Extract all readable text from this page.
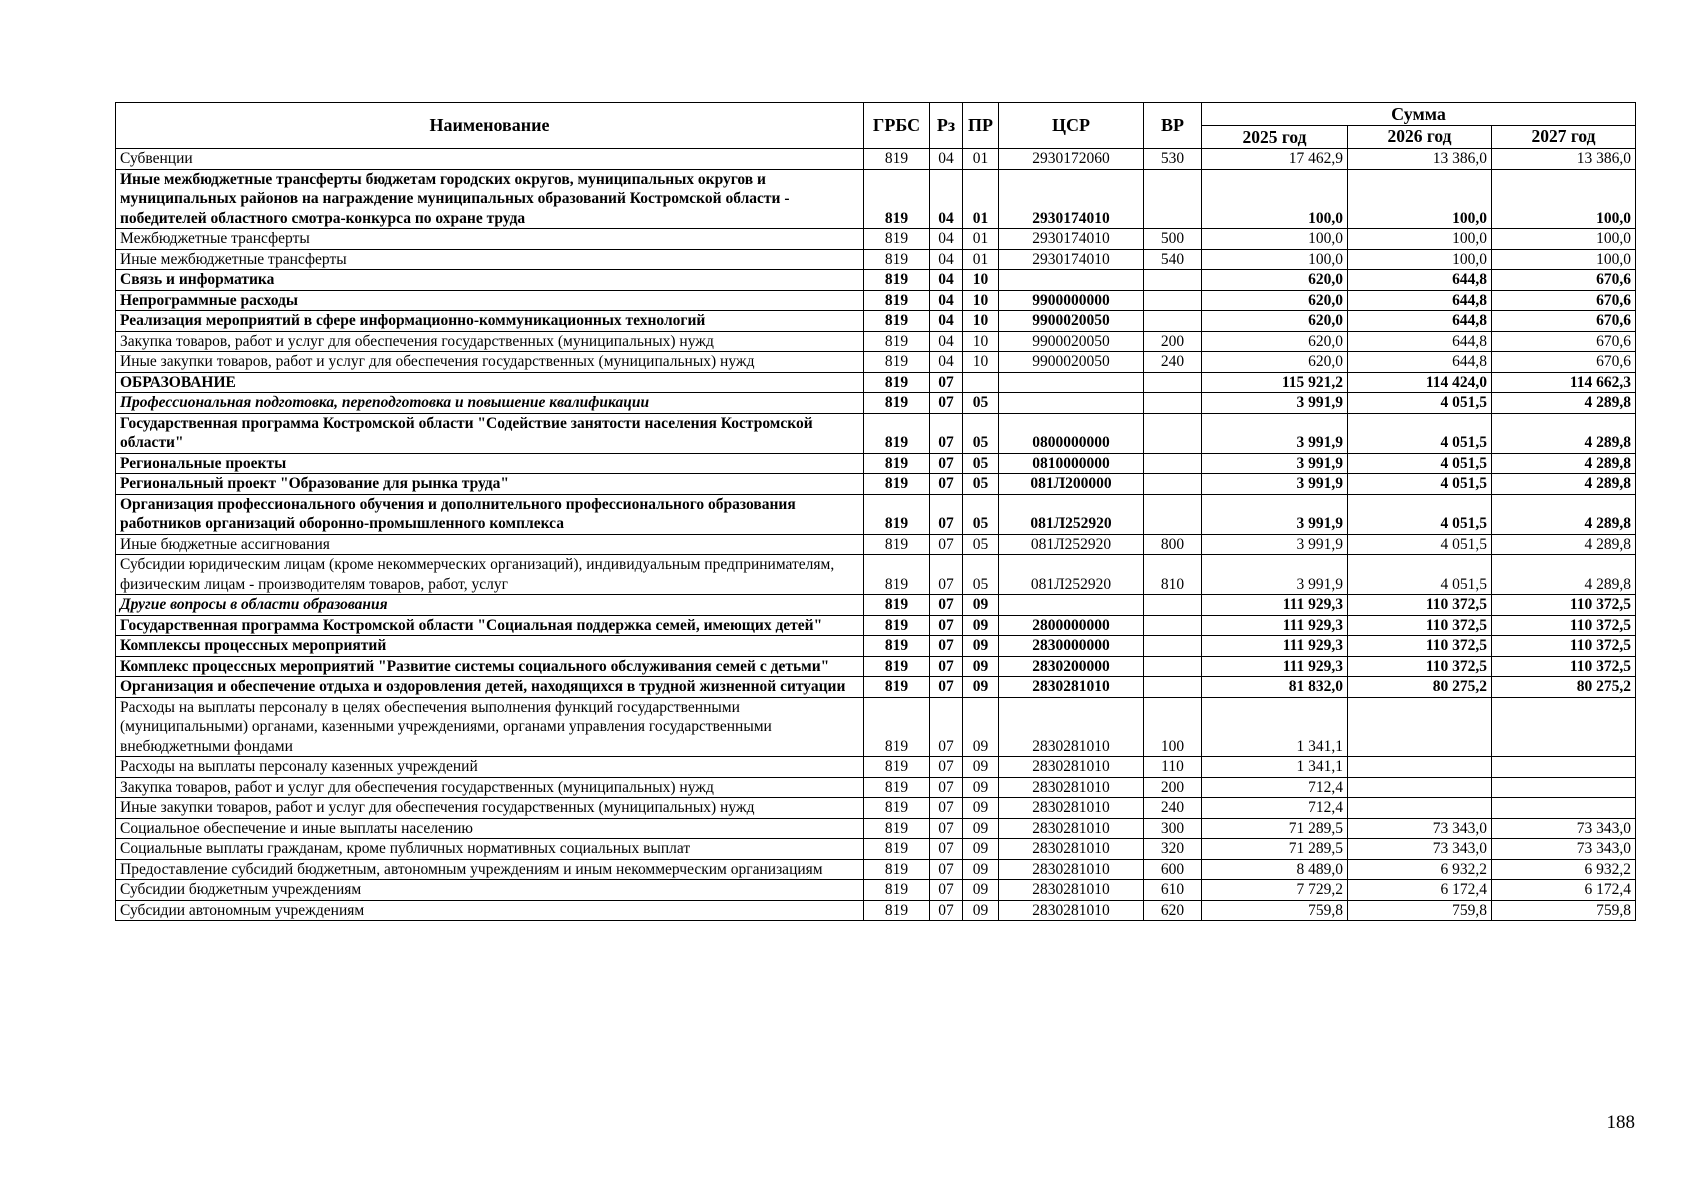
Наименование	ГРБС	Рз	ПР	ЦСР	ВР	Сумма		
						2025 год	2026 год	2027 год
Субвенции	819	04	01	2930172060	530	17 462,9	13 386,0	13 386,0
Иные межбюджетные трансферты бюджетам городских округов, муниципальных округов и муниципальных районов на награждение муниципальных образований Костромской области - победителей областного смотра-конкурса по охране труда	819	04	01	2930174010		100,0	100,0	100,0
Межбюджетные трансферты	819	04	01	2930174010	500	100,0	100,0	100,0
Иные межбюджетные трансферты	819	04	01	2930174010	540	100,0	100,0	100,0
Связь и информатика	819	04	10			620,0	644,8	670,6
Непрограммные расходы	819	04	10	9900000000		620,0	644,8	670,6
Реализация мероприятий в сфере информационно-коммуникационных технологий	819	04	10	9900020050		620,0	644,8	670,6
Закупка товаров, работ и услуг для обеспечения государственных (муниципальных) нужд	819	04	10	9900020050	200	620,0	644,8	670,6
Иные закупки товаров, работ и услуг для обеспечения государственных (муниципальных) нужд	819	04	10	9900020050	240	620,0	644,8	670,6
ОБРАЗОВАНИЕ	819	07				115 921,2	114 424,0	114 662,3
Профессиональная подготовка, переподготовка и повышение квалификации	819	07	05			3 991,9	4 051,5	4 289,8
Государственная программа Костромской области "Содействие занятости населения Костромской области"	819	07	05	0800000000		3 991,9	4 051,5	4 289,8
Региональные проекты	819	07	05	0810000000		3 991,9	4 051,5	4 289,8
Региональный проект "Образование для рынка труда"	819	07	05	081Л200000		3 991,9	4 051,5	4 289,8
Организация профессионального обучения и дополнительного профессионального образования работников организаций оборонно-промышленного комплекса	819	07	05	081Л252920		3 991,9	4 051,5	4 289,8
Иные бюджетные ассигнования	819	07	05	081Л252920	800	3 991,9	4 051,5	4 289,8
Субсидии юридическим лицам (кроме некоммерческих организаций), индивидуальным предпринимателям, физическим лицам - производителям товаров, работ, услуг	819	07	05	081Л252920	810	3 991,9	4 051,5	4 289,8
Другие вопросы в области образования	819	07	09			111 929,3	110 372,5	110 372,5
Государственная программа Костромской области "Социальная поддержка семей, имеющих детей"	819	07	09	2800000000		111 929,3	110 372,5	110 372,5
Комплексы процессных мероприятий	819	07	09	2830000000		111 929,3	110 372,5	110 372,5
Комплекс процессных мероприятий "Развитие системы социального обслуживания семей с детьми"	819	07	09	2830200000		111 929,3	110 372,5	110 372,5
Организация и обеспечение отдыха и оздоровления детей, находящихся в трудной жизненной ситуации	819	07	09	2830281010		81 832,0	80 275,2	80 275,2
Расходы на выплаты персоналу в целях обеспечения выполнения функций государственными (муниципальными) органами, казенными учреждениями, органами управления государственными внебюджетными фондами	819	07	09	2830281010	100	1 341,1		
Расходы на выплаты персоналу казенных учреждений	819	07	09	2830281010	110	1 341,1		
Закупка товаров, работ и услуг для обеспечения государственных (муниципальных) нужд	819	07	09	2830281010	200	712,4		
Иные закупки товаров, работ и услуг для обеспечения государственных (муниципальных) нужд	819	07	09	2830281010	240	712,4		
Социальное обеспечение и иные выплаты населению	819	07	09	2830281010	300	71 289,5	73 343,0	73 343,0
Социальные выплаты гражданам, кроме публичных нормативных социальных выплат	819	07	09	2830281010	320	71 289,5	73 343,0	73 343,0
Предоставление субсидий бюджетным, автономным учреждениям и иным некоммерческим организациям	819	07	09	2830281010	600	8 489,0	6 932,2	6 932,2
Субсидии бюджетным учреждениям	819	07	09	2830281010	610	7 729,2	6 172,4	6 172,4
Субсидии автономным учреждениям	819	07	09	2830281010	620	759,8	759,8	759,8
188
